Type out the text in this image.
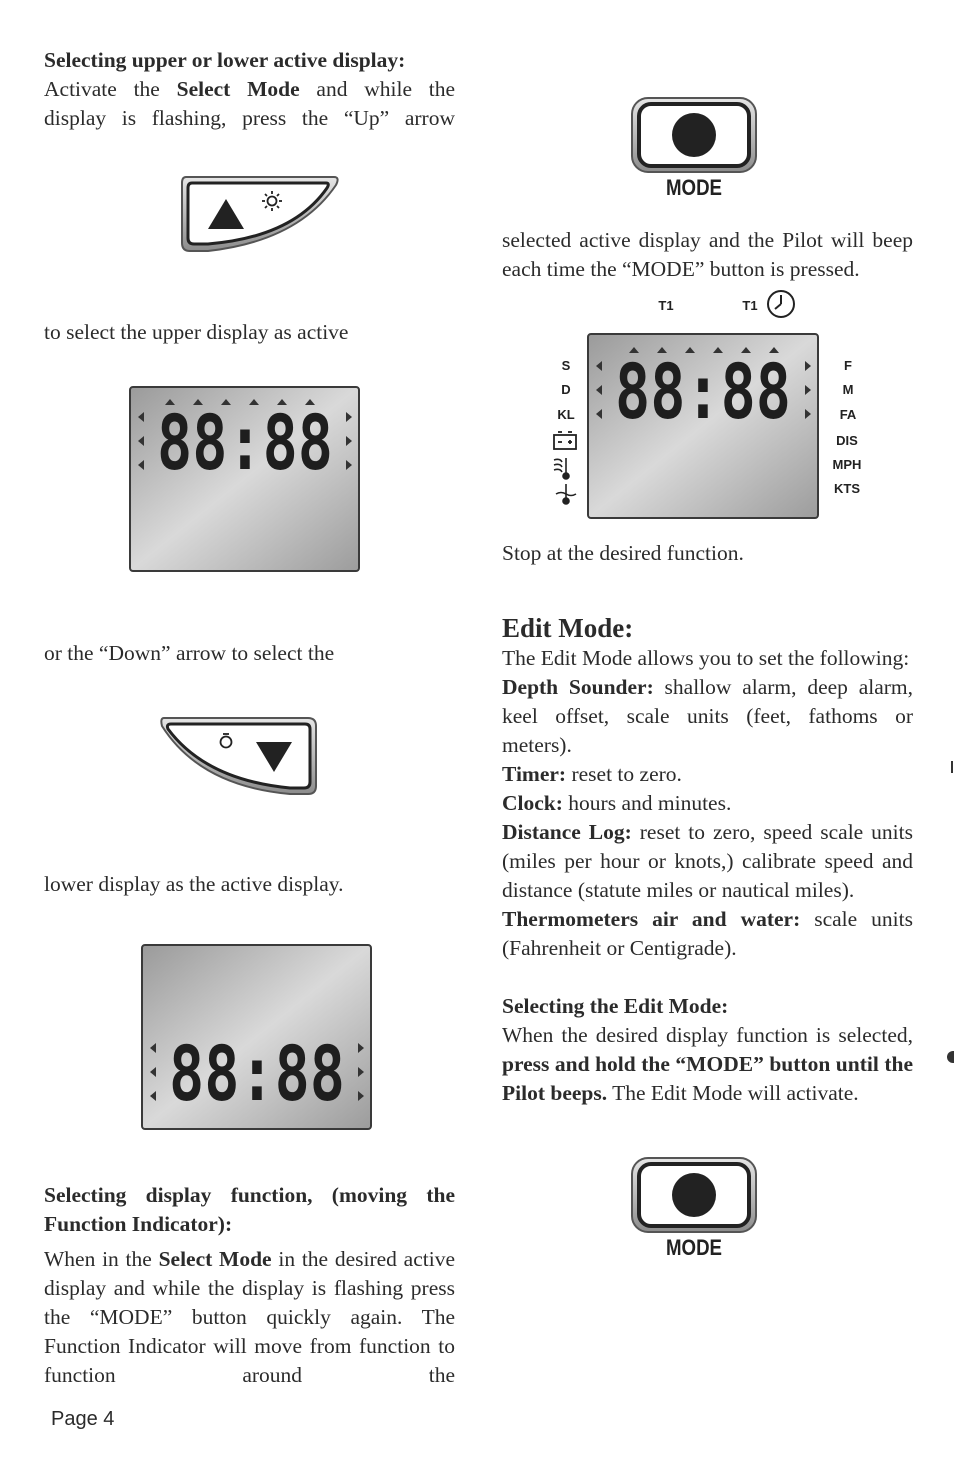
Selecting upper or lower active display:

Activate the Select Mode and while the

display is flashing, press the “Up” arrow

to select the upper display as active

88:88

or the “Down” arrow to select the

lower display as the active display.

88:88

Selecting display function, (moving the

Function Indicator):

When in the Select Mode in the desired active display and while the display is flashing press the “MODE” button quickly again. The Function Indicator will move from function to function around the

MODE

selected active display and the Pilot will beep each time the “MODE” button is pressed.

T1	T1
88:88
S
D
KL
F
M
FA
DIS
MPH
KTS

Stop at the desired function.

Edit Mode:

The Edit Mode allows you to set the following:

Depth Sounder: shallow alarm, deep alarm, keel offset, scale units (feet, fathoms or meters).

Timer: reset to zero.

Clock: hours and minutes.

Distance Log: reset to zero, speed scale units (miles per hour or knots,) calibrate speed and distance (statute miles or nautical miles).

Thermometers air and water: scale units (Fahrenheit or Centigrade).

Selecting the Edit Mode:

When the desired display function is selected, press and hold the “MODE” button until the Pilot beeps. The Edit Mode will activate.

MODE
Page 4
